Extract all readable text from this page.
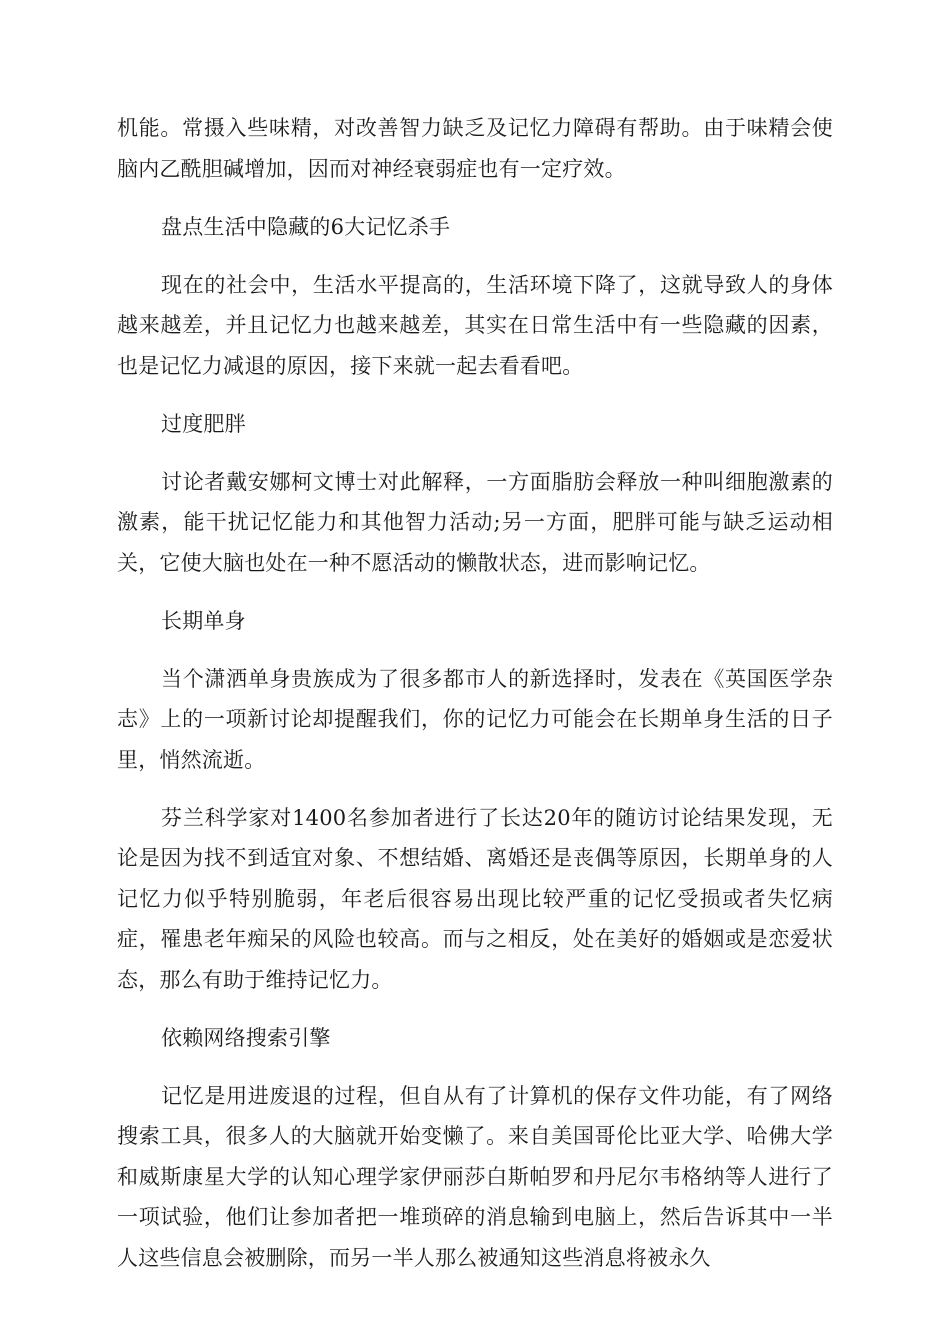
机能。常摄入些味精，对改善智力缺乏及记忆力障碍有帮助。由于味精会使脑内乙酰胆碱增加，因而对神经衰弱症也有一定疗效。

盘点生活中隐藏的6大记忆杀手

现在的社会中，生活水平提高的，生活环境下降了，这就导致人的身体越来越差，并且记忆力也越来越差，其实在日常生活中有一些隐藏的因素，也是记忆力减退的原因，接下来就一起去看看吧。

过度肥胖

讨论者戴安娜柯文博士对此解释，一方面脂肪会释放一种叫细胞激素的激素，能干扰记忆能力和其他智力活动;另一方面，肥胖可能与缺乏运动相关，它使大脑也处在一种不愿活动的懒散状态，进而影响记忆。

长期单身

当个潇洒单身贵族成为了很多都市人的新选择时，发表在《英国医学杂志》上的一项新讨论却提醒我们，你的记忆力可能会在长期单身生活的日子里，悄然流逝。

芬兰科学家对1400名参加者进行了长达20年的随访讨论结果发现，无论是因为找不到适宜对象、不想结婚、离婚还是丧偶等原因，长期单身的人记忆力似乎特别脆弱，年老后很容易出现比较严重的记忆受损或者失忆病症，罹患老年痴呆的风险也较高。而与之相反，处在美好的婚姻或是恋爱状态，那么有助于维持记忆力。

依赖网络搜索引擎

记忆是用进废退的过程，但自从有了计算机的保存文件功能，有了网络搜索工具，很多人的大脑就开始变懒了。来自美国哥伦比亚大学、哈佛大学和威斯康星大学的认知心理学家伊丽莎白斯帕罗和丹尼尔韦格纳等人进行了一项试验，他们让参加者把一堆琐碎的消息输到电脑上，然后告诉其中一半人这些信息会被删除，而另一半人那么被通知这些消息将被永久
